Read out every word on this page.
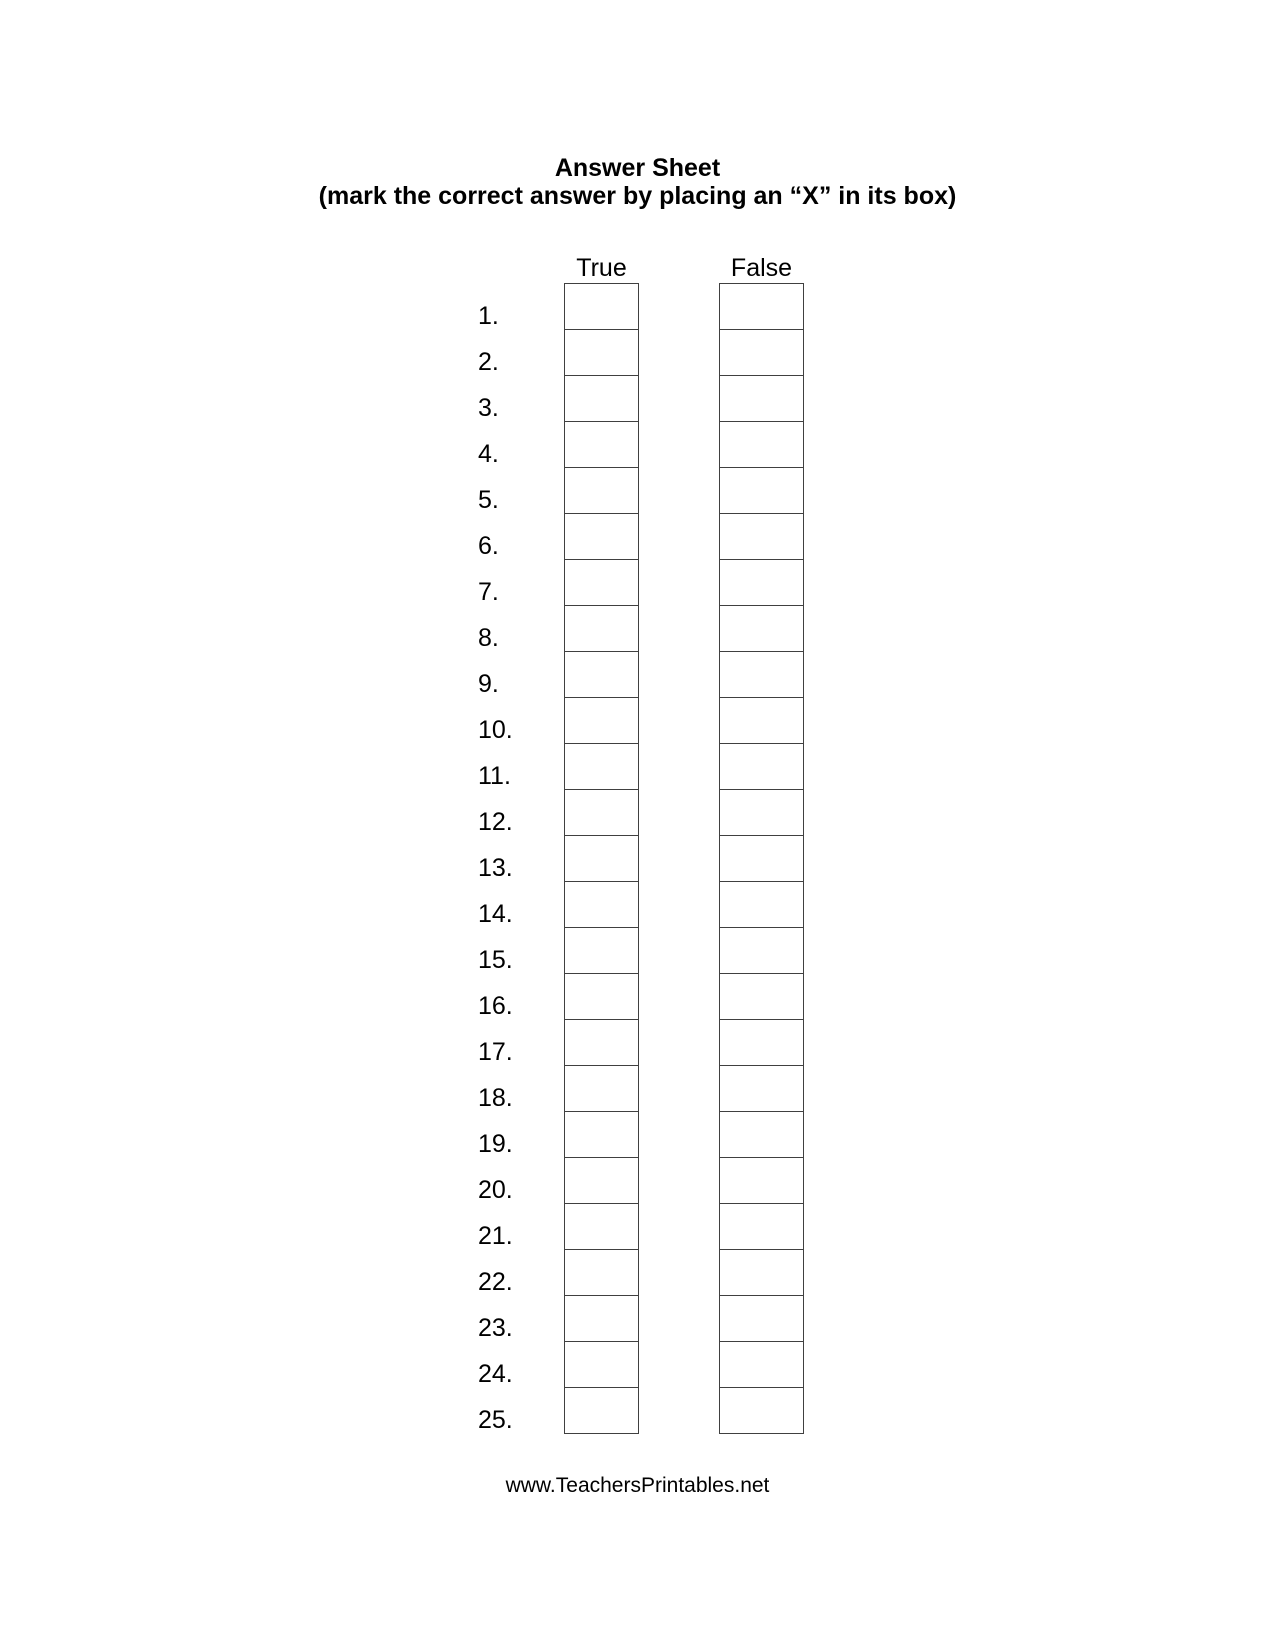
Answer Sheet
(mark the correct answer by placing an “X” in its box)
True	False
1.
2.
3.
4.
5.
6.
7.
8.
9.
10.
11.
12.
13.
14.
15.
16.
17.
18.
19.
20.
21.
22.
23.
24.
25.
www.TeachersPrintables.net
